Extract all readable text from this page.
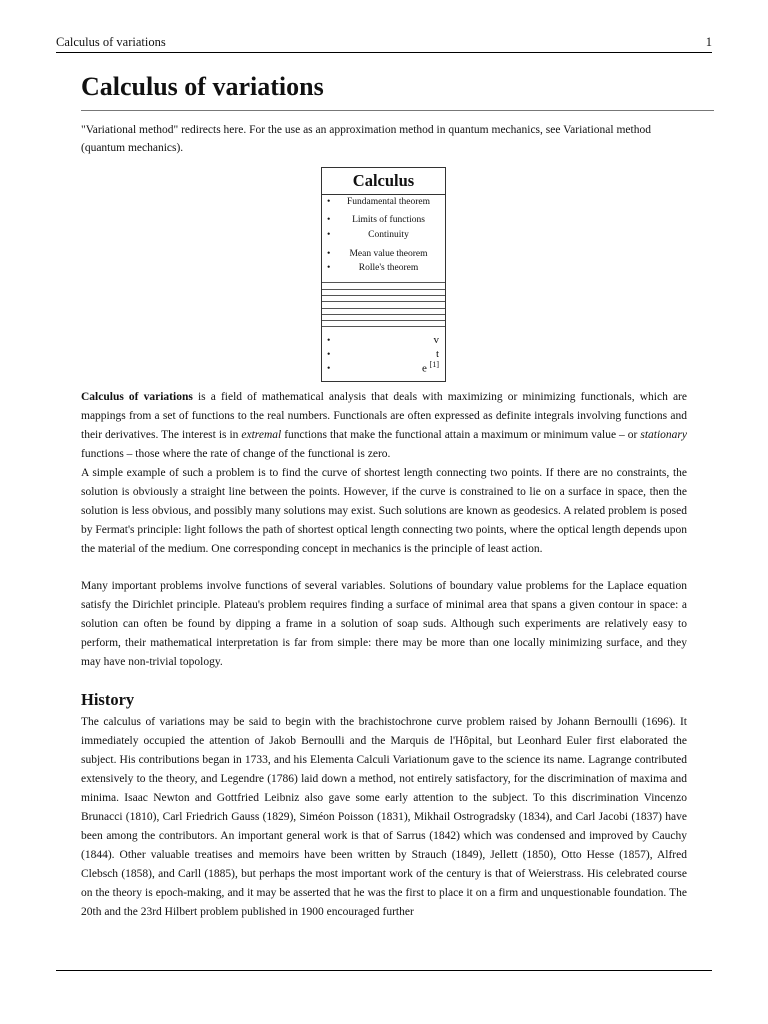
Calculus of variations	1
Calculus of variations

"Variational method" redirects here. For the use as an approximation method in quantum mechanics, see Variational method (quantum mechanics).

Calculus
•	Fundamental theorem
•	Limits of functions
•	Continuity
•	Mean value theorem
•	Rolle's theorem
•	v
•	t
•	e [1]

Calculus of variations is a field of mathematical analysis that deals with maximizing or minimizing functionals, which are mappings from a set of functions to the real numbers. Functionals are often expressed as definite integrals involving functions and their derivatives. The interest is in extremal functions that make the functional attain a maximum or minimum value – or stationary functions – those where the rate of change of the functional is zero.

A simple example of such a problem is to find the curve of shortest length connecting two points. If there are no constraints, the solution is obviously a straight line between the points. However, if the curve is constrained to lie on a surface in space, then the solution is less obvious, and possibly many solutions may exist. Such solutions are known as geodesics. A related problem is posed by Fermat's principle: light follows the path of shortest optical length connecting two points, where the optical length depends upon the material of the medium. One corresponding concept in mechanics is the principle of least action.

Many important problems involve functions of several variables. Solutions of boundary value problems for the Laplace equation satisfy the Dirichlet principle. Plateau's problem requires finding a surface of minimal area that spans a given contour in space: a solution can often be found by dipping a frame in a solution of soap suds. Although such experiments are relatively easy to perform, their mathematical interpretation is far from simple: there may be more than one locally minimizing surface, and they may have non-trivial topology.

History

The calculus of variations may be said to begin with the brachistochrone curve problem raised by Johann Bernoulli (1696). It immediately occupied the attention of Jakob Bernoulli and the Marquis de l'Hôpital, but Leonhard Euler first elaborated the subject. His contributions began in 1733, and his Elementa Calculi Variationum gave to the science its name. Lagrange contributed extensively to the theory, and Legendre (1786) laid down a method, not entirely satisfactory, for the discrimination of maxima and minima. Isaac Newton and Gottfried Leibniz also gave some early attention to the subject. To this discrimination Vincenzo Brunacci (1810), Carl Friedrich Gauss (1829), Siméon Poisson (1831), Mikhail Ostrogradsky (1834), and Carl Jacobi (1837) have been among the contributors. An important general work is that of Sarrus (1842) which was condensed and improved by Cauchy (1844). Other valuable treatises and memoirs have been written by Strauch (1849), Jellett (1850), Otto Hesse (1857), Alfred Clebsch (1858), and Carll (1885), but perhaps the most important work of the century is that of Weierstrass. His celebrated course on the theory is epoch-making, and it may be asserted that he was the first to place it on a firm and unquestionable foundation. The 20th and the 23rd Hilbert problem published in 1900 encouraged further
